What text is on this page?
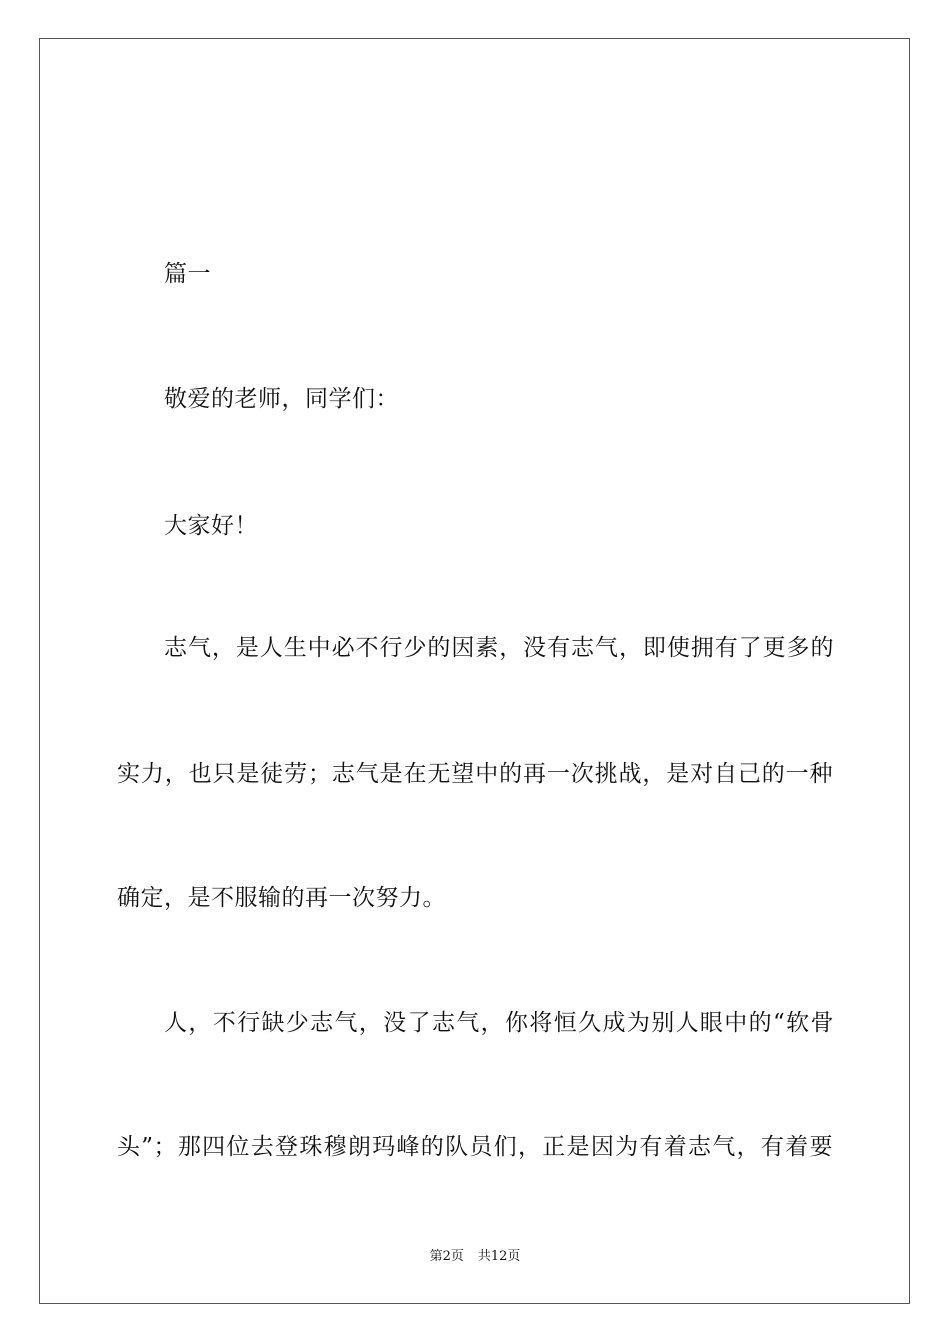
篇一

敬爱的老师，同学们：

大家好！

志气，是人生中必不行少的因素，没有志气，即使拥有了更多的

实力，也只是徒劳；志气是在无望中的再一次挑战，是对自己的一种

确定，是不服输的再一次努力。

人，不行缺少志气，没了志气，你将恒久成为别人眼中的“软骨

头”；那四位去登珠穆朗玛峰的队员们，正是因为有着志气，有着要

第2页 共12页
